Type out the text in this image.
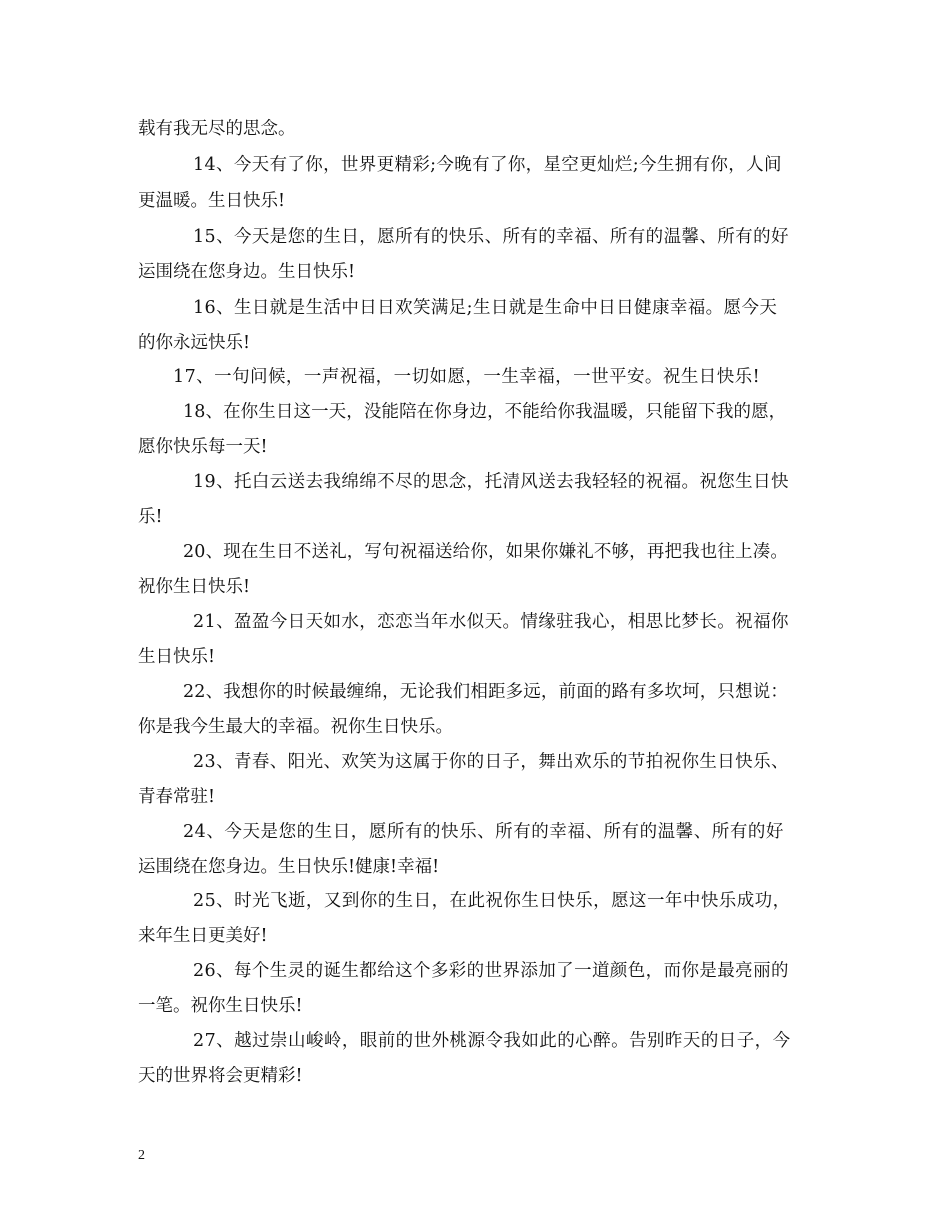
载有我无尽的思念。
14、今天有了你，世界更精彩;今晚有了你，星空更灿烂;今生拥有你，人间
更温暖。生日快乐!
15、今天是您的生日，愿所有的快乐、所有的幸福、所有的温馨、所有的好
运围绕在您身边。生日快乐!
16、生日就是生活中日日欢笑满足;生日就是生命中日日健康幸福。愿今天
的你永远快乐!
17、一句问候，一声祝福，一切如愿，一生幸福，一世平安。祝生日快乐!
18、在你生日这一天，没能陪在你身边，不能给你我温暖，只能留下我的愿，
愿你快乐每一天!
19、托白云送去我绵绵不尽的思念，托清风送去我轻轻的祝福。祝您生日快
乐!
20、现在生日不送礼，写句祝福送给你，如果你嫌礼不够，再把我也往上凑。
祝你生日快乐!
21、盈盈今日天如水，恋恋当年水似天。情缘驻我心，相思比梦长。祝福你
生日快乐!
22、我想你的时候最缠绵，无论我们相距多远，前面的路有多坎坷，只想说：
你是我今生最大的幸福。祝你生日快乐。
23、青春、阳光、欢笑为这属于你的日子，舞出欢乐的节拍祝你生日快乐、
青春常驻!
24、今天是您的生日，愿所有的快乐、所有的幸福、所有的温馨、所有的好
运围绕在您身边。生日快乐!健康!幸福!
25、时光飞逝，又到你的生日，在此祝你生日快乐，愿这一年中快乐成功，
来年生日更美好!
26、每个生灵的诞生都给这个多彩的世界添加了一道颜色，而你是最亮丽的
一笔。祝你生日快乐!
27、越过崇山峻岭，眼前的世外桃源令我如此的心醉。告别昨天的日子，今
天的世界将会更精彩!
2
